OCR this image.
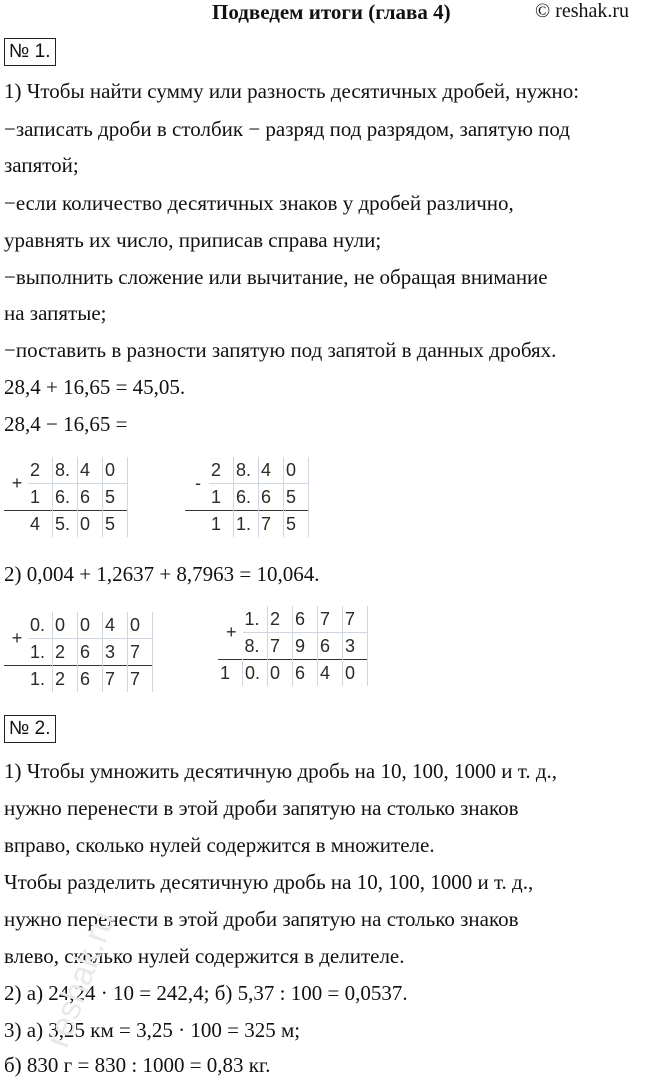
Подведем итоги (глава 4)	© reshak.ru
№ 1.
1) Чтобы найти сумму или разность десятичных дробей, нужно:
−записать дроби в столбик − разряд под разрядом, запятую под
запятой;
−если количество десятичных знаков у дробей различно,
уравнять их число, приписав справа нули;
−выполнить сложение или вычитание, не обращая внимание
на запятые;
−поставить в разности запятую под запятой в данных дробях.
28,4 + 16,65 = 45,05.
28,4 − 16,65 =
+	2	8.	4	0
	1	6.	6	5
	4	5.	0	5
-	2	8.	4	0
	1	6.	6	5
	1	1.	7	5
2) 0,004 + 1,2637 + 8,7963 = 10,064.
+	0.	0	0	4	0
	1.	2	6	3	7
	1.	2	6	7	7
+	1.	2	6	7	7
	8.	7	9	6	3
1	0.	0	6	4	0
№ 2.
1) Чтобы умножить десятичную дробь на 10, 100, 1000 и т. д.,
нужно перенести в этой дроби запятую на столько знаков
вправо, сколько нулей содержится в множителе.
Чтобы разделить десятичную дробь на 10, 100, 1000 и т. д.,
нужно перенести в этой дроби запятую на столько знаков
влево, сколько нулей содержится в делителе.
2) а) 24,24 · 10 = 242,4; б) 5,37 : 100 = 0,0537.
3) а) 3,25 км = 3,25 · 100 = 325 м;
б) 830 г = 830 : 1000 = 0,83 кг.
reshak.ru
